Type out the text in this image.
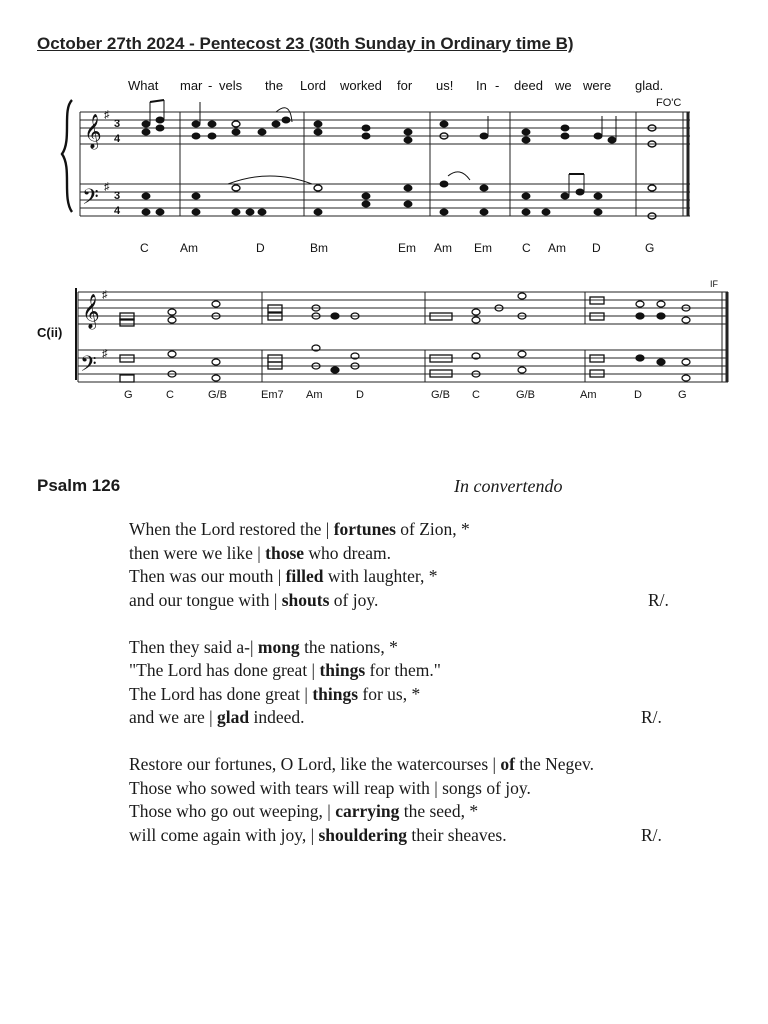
October 27th 2024 - Pentecost 23 (30th Sunday in Ordinary time B)
What mar - vels the Lord worked for us! In - deed we were glad.
FO'C
𝄞
𝄢
♯
♯
3
4
3
4
C	Am	D	Bm	Em Am Em	C Am D	G
IF
C(ii)
𝄞
𝄢
♯
♯
G	C	G/B	Em7 Am	D	G/B C	G/B	Am	D	G
Psalm 126	In convertendo
When the Lord restored the | fortunes of Zion, *
then were we like | those who dream.
Then was our mouth | filled with laughter, *
and our tongue with | shouts of joy.	R/.
Then they said a-| mong the nations, *
"The Lord has done great | things for them."
The Lord has done great | things for us, *
and we are | glad indeed.	R/.
Restore our fortunes, O Lord, like the watercourses | of the Negev.
Those who sowed with tears will reap with | songs of joy.
Those who go out weeping, | carrying the seed, *
will come again with joy, | shouldering their sheaves.	R/.
